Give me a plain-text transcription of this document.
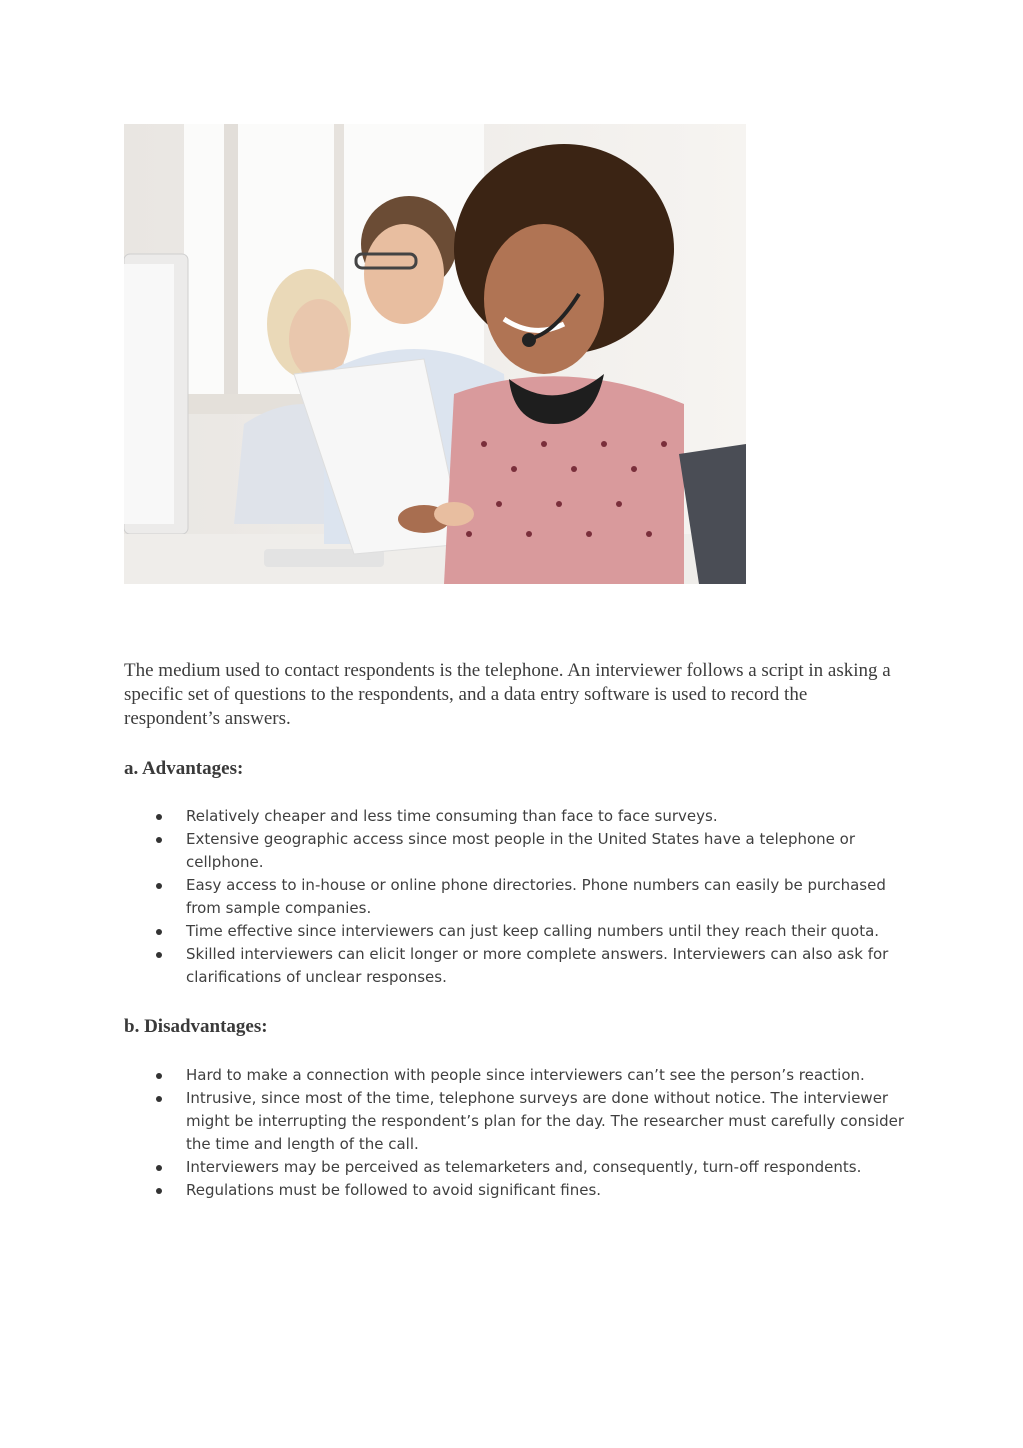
The medium used to contact respondents is the telephone. An interviewer follows a script in asking a specific set of questions to the respondents, and a data entry software is used to record the respondent’s answers.

a. Advantages:
Relatively cheaper and less time consuming than face to face surveys.
Extensive geographic access since most people in the United States have a telephone or cellphone.
Easy access to in-house or online phone directories. Phone numbers can easily be purchased from sample companies.
Time effective since interviewers can just keep calling numbers until they reach their quota.
Skilled interviewers can elicit longer or more complete answers. Interviewers can also ask for clarifications of unclear responses.
b. Disadvantages:
Hard to make a connection with people since interviewers can’t see the person’s reaction.
Intrusive, since most of the time, telephone surveys are done without notice. The interviewer might be interrupting the respondent’s plan for the day. The researcher must carefully consider the time and length of the call.
Interviewers may be perceived as telemarketers and, consequently, turn-off respondents.
Regulations must be followed to avoid significant fines.
